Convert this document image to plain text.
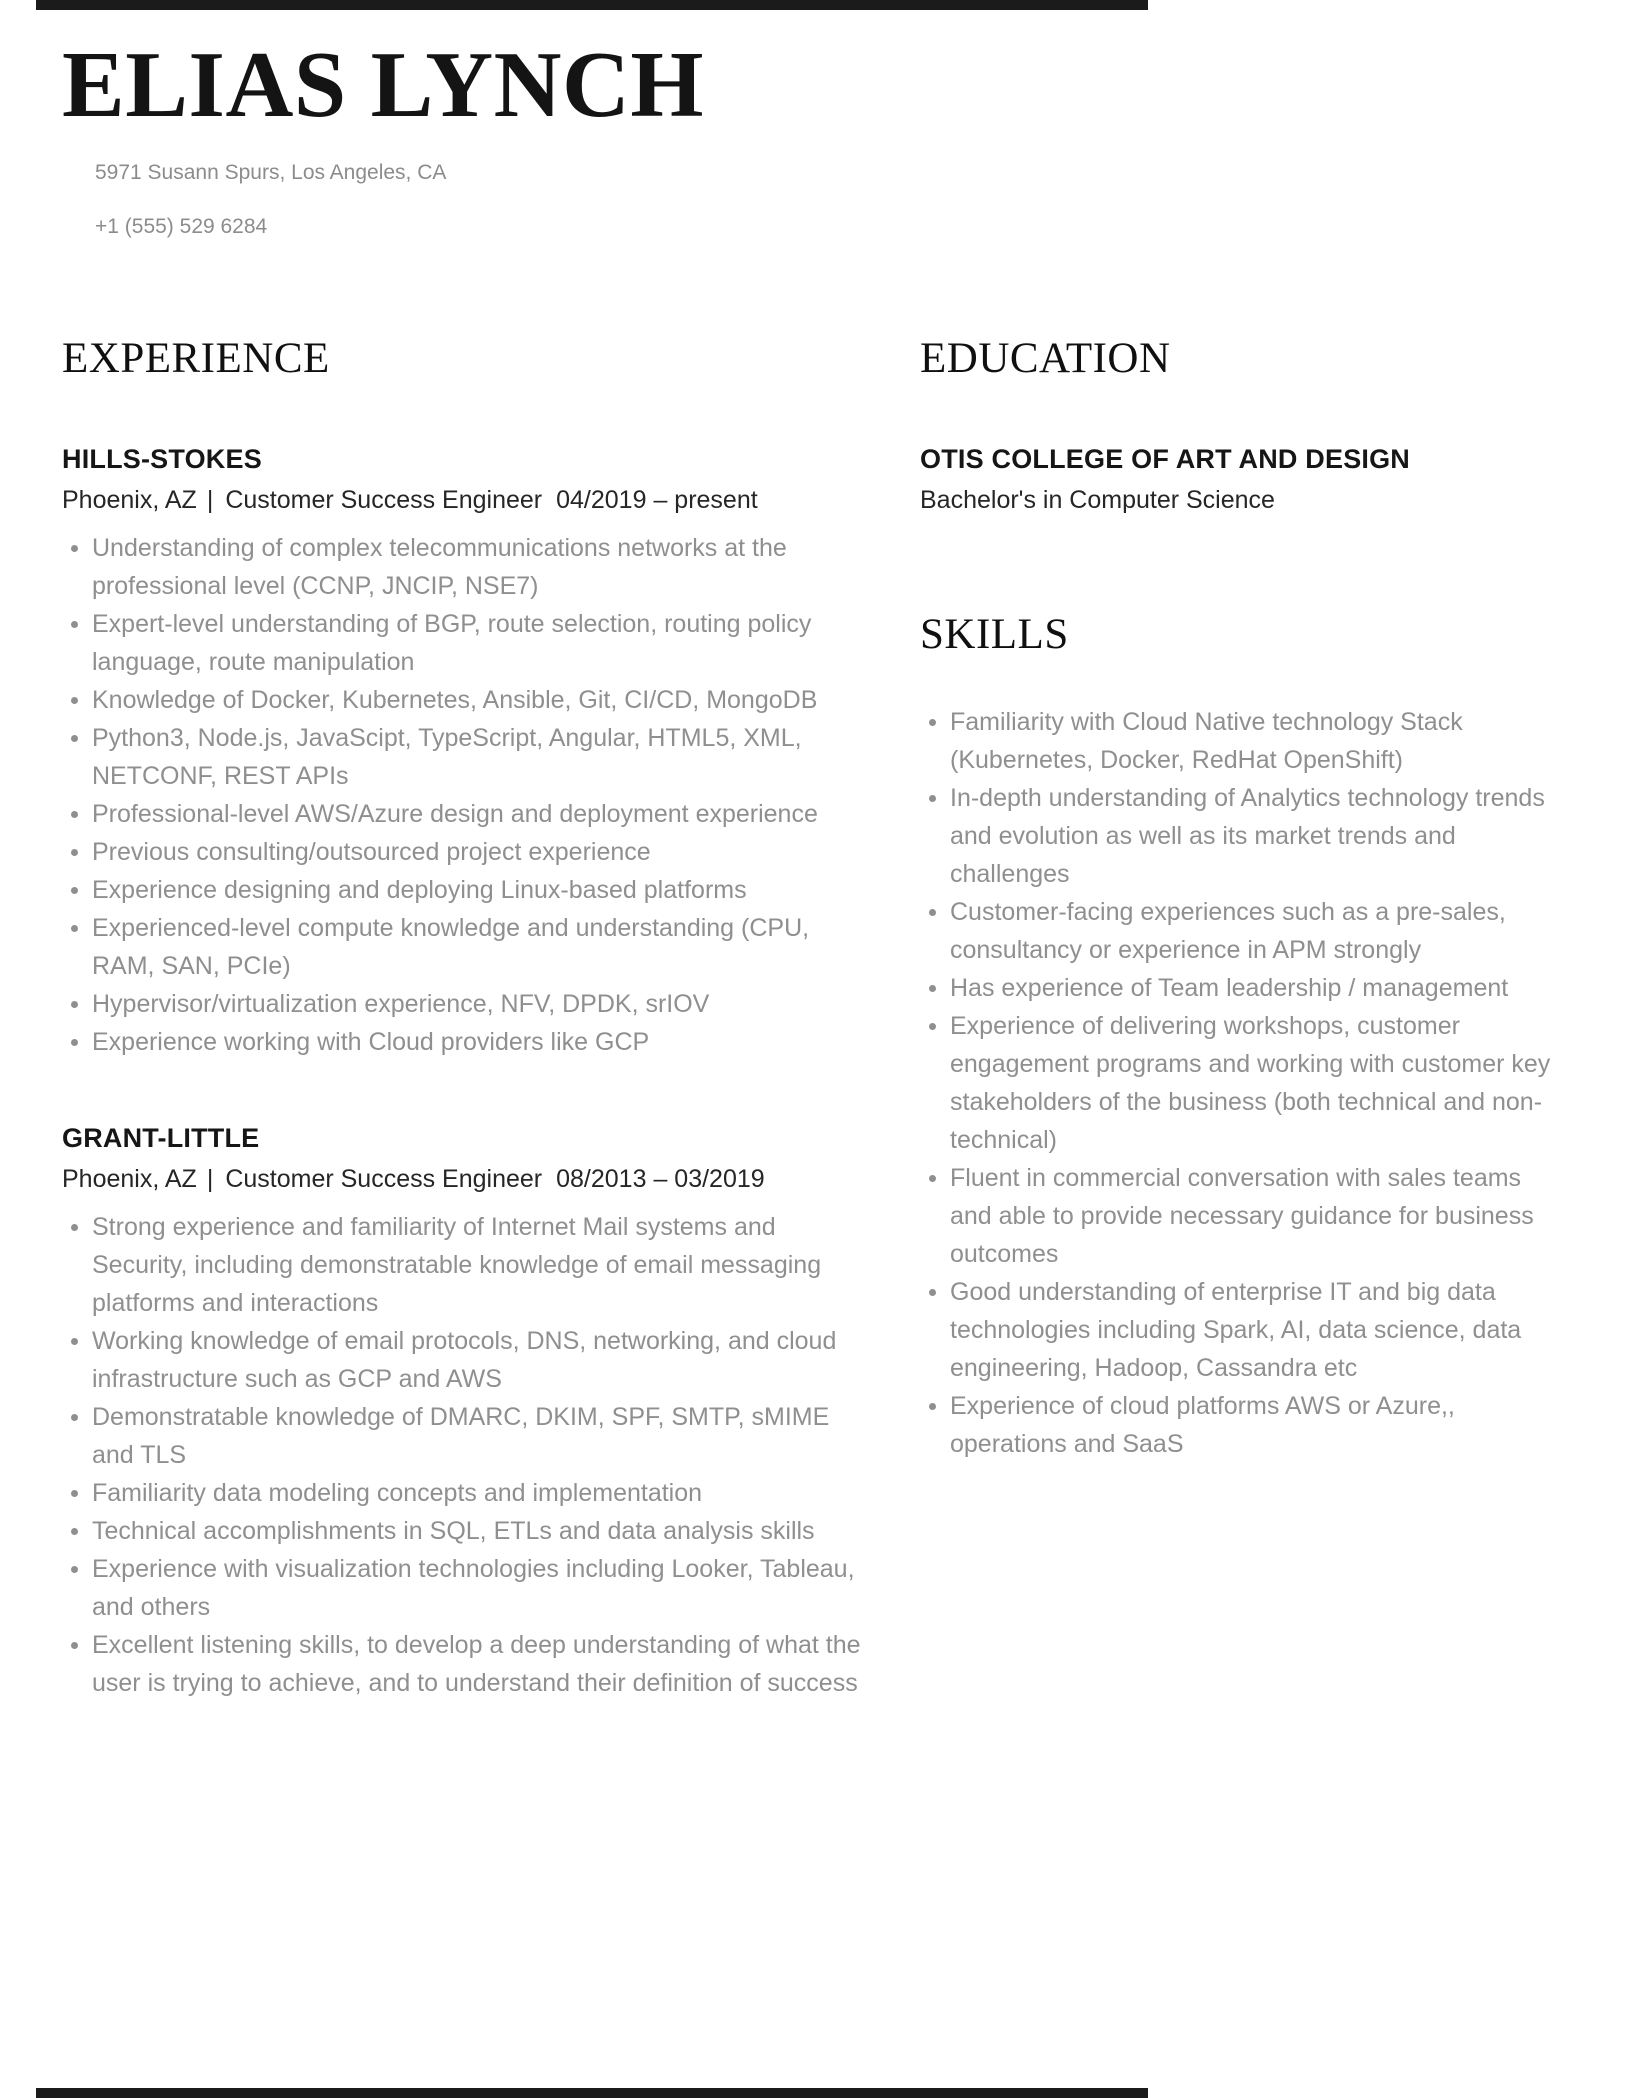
ELIAS LYNCH

5971 Susann Spurs, Los Angeles, CA

+1 (555) 529 6284

EXPERIENCE
HILLS-STOKES

Phoenix, AZ | Customer Success Engineer 04/2019 – present

Understanding of complex telecommunications networks at the professional level (CCNP, JNCIP, NSE7)
Expert-level understanding of BGP, route selection, routing policy language, route manipulation
Knowledge of Docker, Kubernetes, Ansible, Git, CI/CD, MongoDB
Python3, Node.js, JavaScipt, TypeScript, Angular, HTML5, XML, NETCONF, REST APIs
Professional-level AWS/Azure design and deployment experience
Previous consulting/outsourced project experience
Experience designing and deploying Linux-based platforms
Experienced-level compute knowledge and understanding (CPU, RAM, SAN, PCIe)
Hypervisor/virtualization experience, NFV, DPDK, srIOV
Experience working with Cloud providers like GCP
GRANT-LITTLE

Phoenix, AZ | Customer Success Engineer 08/2013 – 03/2019

Strong experience and familiarity of Internet Mail systems and Security, including demonstratable knowledge of email messaging platforms and interactions
Working knowledge of email protocols, DNS, networking, and cloud infrastructure such as GCP and AWS
Demonstratable knowledge of DMARC, DKIM, SPF, SMTP, sMIME and TLS
Familiarity data modeling concepts and implementation
Technical accomplishments in SQL, ETLs and data analysis skills
Experience with visualization technologies including Looker, Tableau, and others
Excellent listening skills, to develop a deep understanding of what the user is trying to achieve, and to understand their definition of success
EDUCATION
OTIS COLLEGE OF ART AND DESIGN

Bachelor's in Computer Science

SKILLS
Familiarity with Cloud Native technology Stack (Kubernetes, Docker, RedHat OpenShift)
In-depth understanding of Analytics technology trends and evolution as well as its market trends and challenges
Customer-facing experiences such as a pre-sales, consultancy or experience in APM strongly
Has experience of Team leadership / management
Experience of delivering workshops, customer engagement programs and working with customer key stakeholders of the business (both technical and non-technical)
Fluent in commercial conversation with sales teams and able to provide necessary guidance for business outcomes
Good understanding of enterprise IT and big data technologies including Spark, AI, data science, data engineering, Hadoop, Cassandra etc
Experience of cloud platforms AWS or Azure,, operations and SaaS
